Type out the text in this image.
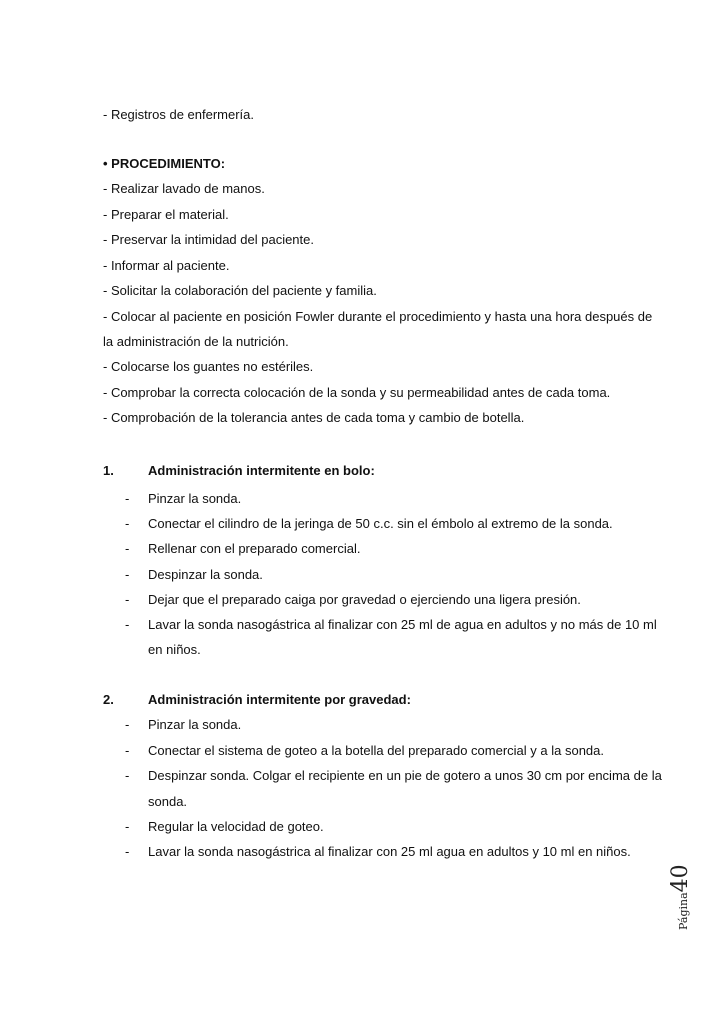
- Registros de enfermería.
• PROCEDIMIENTO:
- Realizar lavado de manos.
- Preparar el material.
- Preservar la intimidad del paciente.
- Informar al paciente.
- Solicitar la colaboración del paciente y familia.
- Colocar al paciente en posición Fowler durante el procedimiento y hasta una hora después de
la administración de la nutrición.
- Colocarse los guantes no estériles.
- Comprobar la correcta colocación de la sonda y su permeabilidad antes de cada toma.
- Comprobación de la tolerancia antes de cada toma y cambio de botella.
1.	Administración intermitente en bolo:
- Pinzar la sonda.
- Conectar el cilindro de la jeringa de 50 c.c. sin el émbolo al extremo de la sonda.
- Rellenar con el preparado comercial.
- Despinzar la sonda.
- Dejar que el preparado caiga por gravedad o ejerciendo una ligera presión.
- Lavar la sonda nasogástrica al finalizar con 25 ml de agua en adultos y no más de 10 ml
en niños.
2.	Administración intermitente por gravedad:
- Pinzar la sonda.
- Conectar el sistema de goteo a la botella del preparado comercial y a la sonda.
- Despinzar sonda. Colgar el recipiente en un pie de gotero a unos 30 cm por encima de la
sonda.
- Regular la velocidad de goteo.
- Lavar la sonda nasogástrica al finalizar con 25 ml agua en adultos y 10 ml en niños.
Página40
